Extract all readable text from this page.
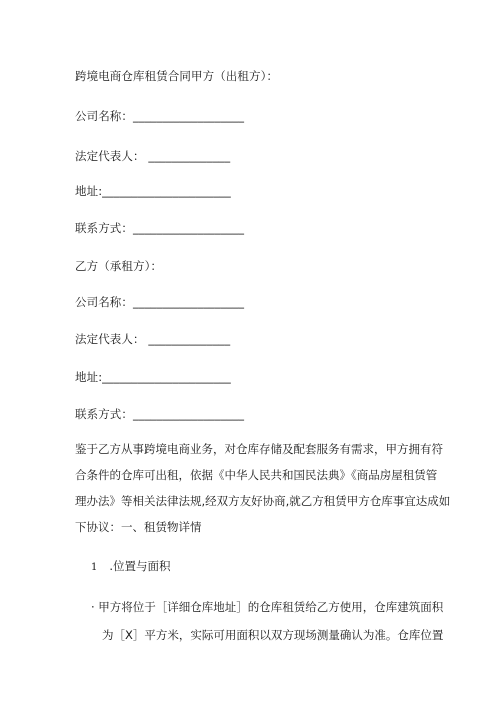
跨境电商仓库租赁合同甲方（出租方）：
公司名称：___________________
法定代表人： ______________
地址:______________________
联系方式：___________________
乙方（承租方）：
公司名称：___________________
法定代表人： ______________
地址:______________________
联系方式：___________________
鉴于乙方从事跨境电商业务，对仓库存储及配套服务有需求，甲方拥有符
合条件的仓库可出租，依据《中华人民共和国民法典》《商品房屋租赁管
理办法》等相关法律法规,经双方友好协商,就乙方租赁甲方仓库事宜达成如
下协议：一、租赁物详情
1 .位置与面积
· 甲方将位于［详细仓库地址］的仓库租赁给乙方使用，仓库建筑面积
为［X］平方米，实际可用面积以双方现场测量确认为准。仓库位置
